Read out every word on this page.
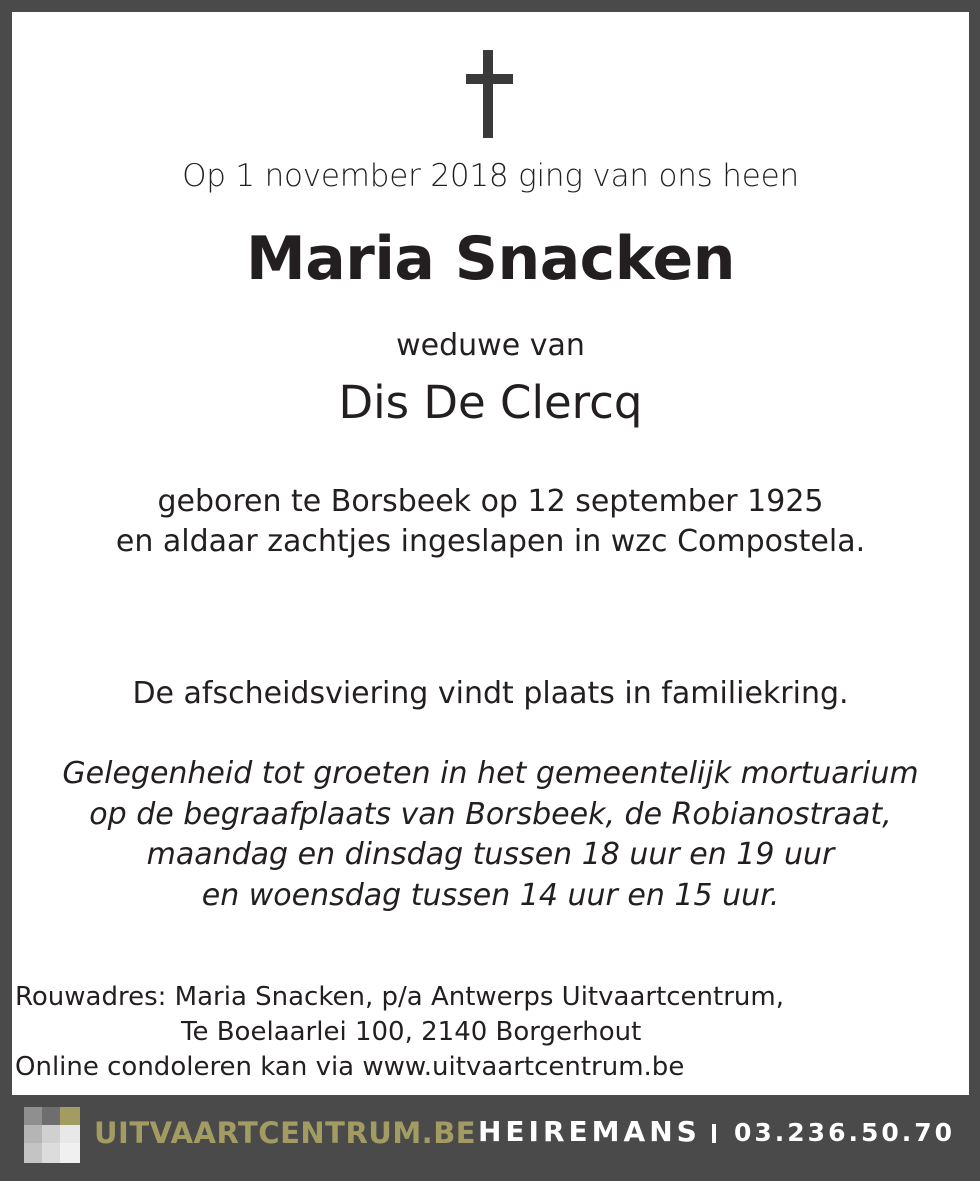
Op 1 november 2018 ging van ons heen
Maria Snacken
weduwe van
Dis De Clercq
geboren te Borsbeek op 12 september 1925
en aldaar zachtjes ingeslapen in wzc Compostela.
De afscheidsviering vindt plaats in familiekring.
Gelegenheid tot groeten in het gemeentelijk mortuarium
op de begraafplaats van Borsbeek, de Robianostraat,
maandag en dinsdag tussen 18 uur en 19 uur
en woensdag tussen 14 uur en 15 uur.
Rouwadres: Maria Snacken, p/a Antwerps Uitvaartcentrum,
Te Boelaarlei 100, 2140 Borgerhout
Online condoleren kan via www.uitvaartcentrum.be
UITVAARTCENTRUM.BE HEIREMANS 03.236.50.70
